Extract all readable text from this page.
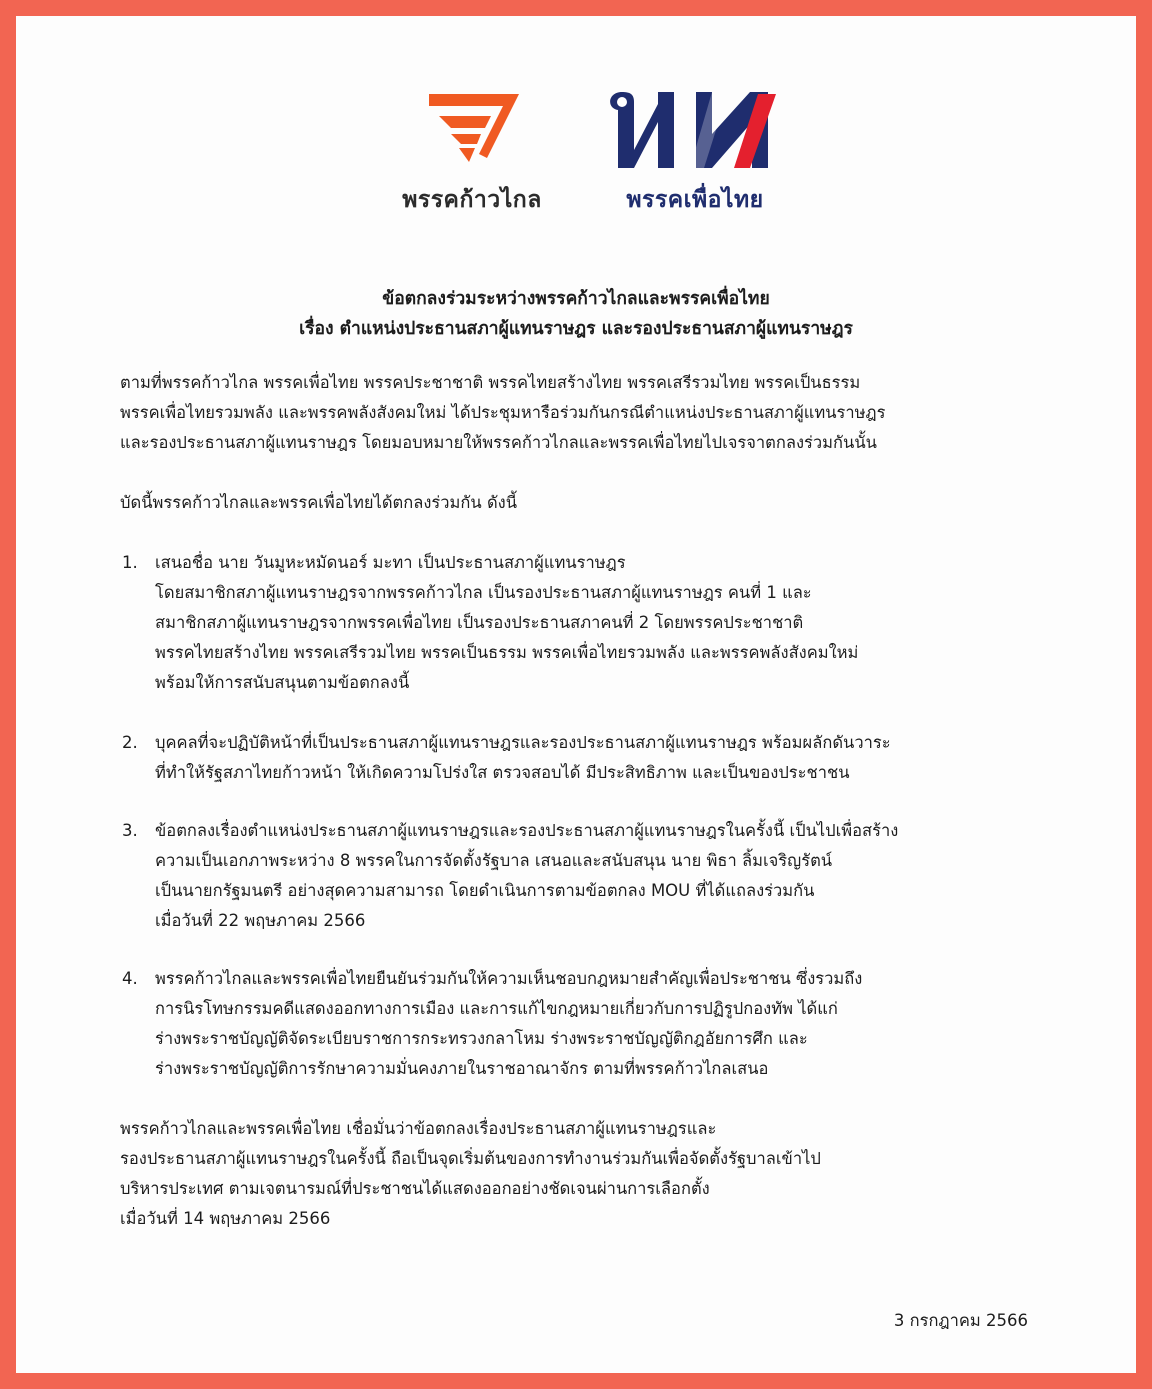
พรรคก้าวไกล	พรรคเพื่อไทย
ข้อตกลงร่วมระหว่างพรรคก้าวไกลและพรรคเพื่อไทย
เรื่อง ตำแหน่งประธานสภาผู้แทนราษฎร และรองประธานสภาผู้แทนราษฎร
ตามที่พรรคก้าวไกล พรรคเพื่อไทย พรรคประชาชาติ พรรคไทยสร้างไทย พรรคเสรีรวมไทย พรรคเป็นธรรม
พรรคเพื่อไทยรวมพลัง และพรรคพลังสังคมใหม่ ได้ประชุมหารือร่วมกันกรณีตำแหน่งประธานสภาผู้แทนราษฎร
และรองประธานสภาผู้แทนราษฎร โดยมอบหมายให้พรรคก้าวไกลและพรรคเพื่อไทยไปเจรจาตกลงร่วมกันนั้น
บัดนี้พรรคก้าวไกลและพรรคเพื่อไทยได้ตกลงร่วมกัน ดังนี้
1. เสนอชื่อ นาย วันมูหะหมัดนอร์ มะทา เป็นประธานสภาผู้แทนราษฎร
โดยสมาชิกสภาผู้แทนราษฎรจากพรรคก้าวไกล เป็นรองประธานสภาผู้แทนราษฎร คนที่ 1 และ
สมาชิกสภาผู้แทนราษฎรจากพรรคเพื่อไทย เป็นรองประธานสภาคนที่ 2 โดยพรรคประชาชาติ
พรรคไทยสร้างไทย พรรคเสรีรวมไทย พรรคเป็นธรรม พรรคเพื่อไทยรวมพลัง และพรรคพลังสังคมใหม่
พร้อมให้การสนับสนุนตามข้อตกลงนี้
2. บุคคลที่จะปฏิบัติหน้าที่เป็นประธานสภาผู้แทนราษฎรและรองประธานสภาผู้แทนราษฎร พร้อมผลักดันวาระ
ที่ทำให้รัฐสภาไทยก้าวหน้า ให้เกิดความโปร่งใส ตรวจสอบได้ มีประสิทธิภาพ และเป็นของประชาชน
3. ข้อตกลงเรื่องตำแหน่งประธานสภาผู้แทนราษฎรและรองประธานสภาผู้แทนราษฎรในครั้งนี้ เป็นไปเพื่อสร้าง
ความเป็นเอกภาพระหว่าง 8 พรรคในการจัดตั้งรัฐบาล เสนอและสนับสนุน นาย พิธา ลิ้มเจริญรัตน์
เป็นนายกรัฐมนตรี อย่างสุดความสามารถ โดยดำเนินการตามข้อตกลง MOU ที่ได้แถลงร่วมกัน
เมื่อวันที่ 22 พฤษภาคม 2566
4. พรรคก้าวไกลและพรรคเพื่อไทยยืนยันร่วมกันให้ความเห็นชอบกฎหมายสำคัญเพื่อประชาชน ซึ่งรวมถึง
การนิรโทษกรรมคดีแสดงออกทางการเมือง และการแก้ไขกฎหมายเกี่ยวกับการปฏิรูปกองทัพ ได้แก่
ร่างพระราชบัญญัติจัดระเบียบราชการกระทรวงกลาโหม ร่างพระราชบัญญัติกฎอัยการศึก และ
ร่างพระราชบัญญัติการรักษาความมั่นคงภายในราชอาณาจักร ตามที่พรรคก้าวไกลเสนอ
พรรคก้าวไกลและพรรคเพื่อไทย เชื่อมั่นว่าข้อตกลงเรื่องประธานสภาผู้แทนราษฎรและ
รองประธานสภาผู้แทนราษฎรในครั้งนี้ ถือเป็นจุดเริ่มต้นของการทำงานร่วมกันเพื่อจัดตั้งรัฐบาลเข้าไป
บริหารประเทศ ตามเจตนารมณ์ที่ประชาชนได้แสดงออกอย่างชัดเจนผ่านการเลือกตั้ง
เมื่อวันที่ 14 พฤษภาคม 2566
3 กรกฎาคม 2566
